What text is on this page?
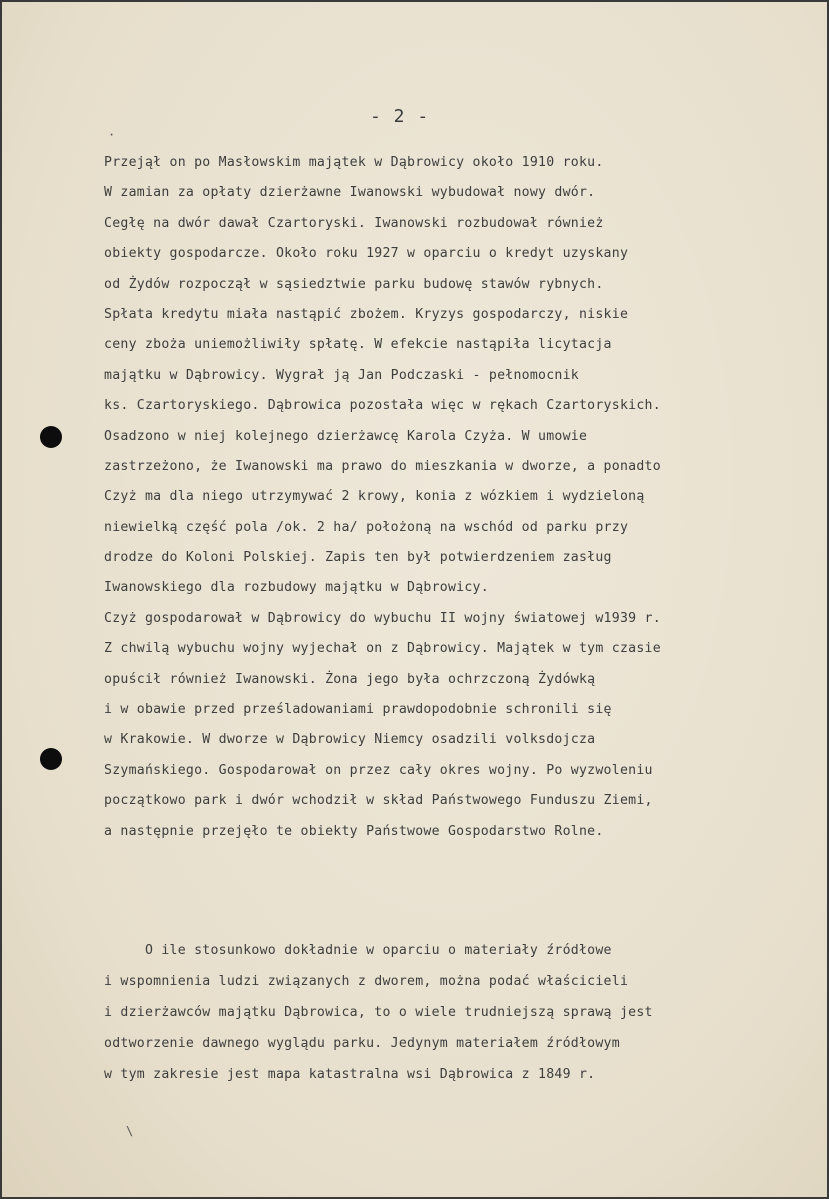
·
\
- 2 -
Przejął on po Masłowskim majątek w Dąbrowicy około 1910 roku.
W zamian za opłaty dzierżawne Iwanowski wybudował nowy dwór.
Cegłę na dwór dawał Czartoryski. Iwanowski rozbudował również
obiekty gospodarcze. Około roku 1927 w oparciu o kredyt uzyskany
od Żydów rozpoczął w sąsiedztwie parku budowę stawów rybnych.
Spłata kredytu miała nastąpić zbożem. Kryzys gospodarczy, niskie
ceny zboża uniemożliwiły spłatę. W efekcie nastąpiła licytacja
majątku w Dąbrowicy. Wygrał ją Jan Podczaski - pełnomocnik
ks. Czartoryskiego. Dąbrowica pozostała więc w rękach Czartoryskich.
Osadzono w niej kolejnego dzierżawcę Karola Czyża. W umowie
zastrzeżono, że Iwanowski ma prawo do mieszkania w dworze, a ponadto
Czyż ma dla niego utrzymywać 2 krowy, konia z wózkiem i wydzieloną
niewielką część pola /ok. 2 ha/ położoną na wschód od parku przy
drodze do Koloni Polskiej. Zapis ten był potwierdzeniem zasług
Iwanowskiego dla rozbudowy majątku w Dąbrowicy.
Czyż gospodarował w Dąbrowicy do wybuchu II wojny światowej w1939 r.
Z chwilą wybuchu wojny wyjechał on z Dąbrowicy. Majątek w tym czasie
opuścił również Iwanowski. Żona jego była ochrzczoną Żydówką
i w obawie przed prześladowaniami prawdopodobnie schronili się
w Krakowie. W dworze w Dąbrowicy Niemcy osadzili volksdojcza
Szymańskiego. Gospodarował on przez cały okres wojny. Po wyzwoleniu
początkowo park i dwór wchodził w skład Państwowego Funduszu Ziemi,
a następnie przejęło te obiekty Państwowe Gospodarstwo Rolne.
O ile stosunkowo dokładnie w oparciu o materiały źródłowe
i wspomnienia ludzi związanych z dworem, można podać właścicieli
i dzierżawców majątku Dąbrowica, to o wiele trudniejszą sprawą jest
odtworzenie dawnego wyglądu parku. Jedynym materiałem źródłowym
w tym zakresie jest mapa katastralna wsi Dąbrowica z 1849 r.
